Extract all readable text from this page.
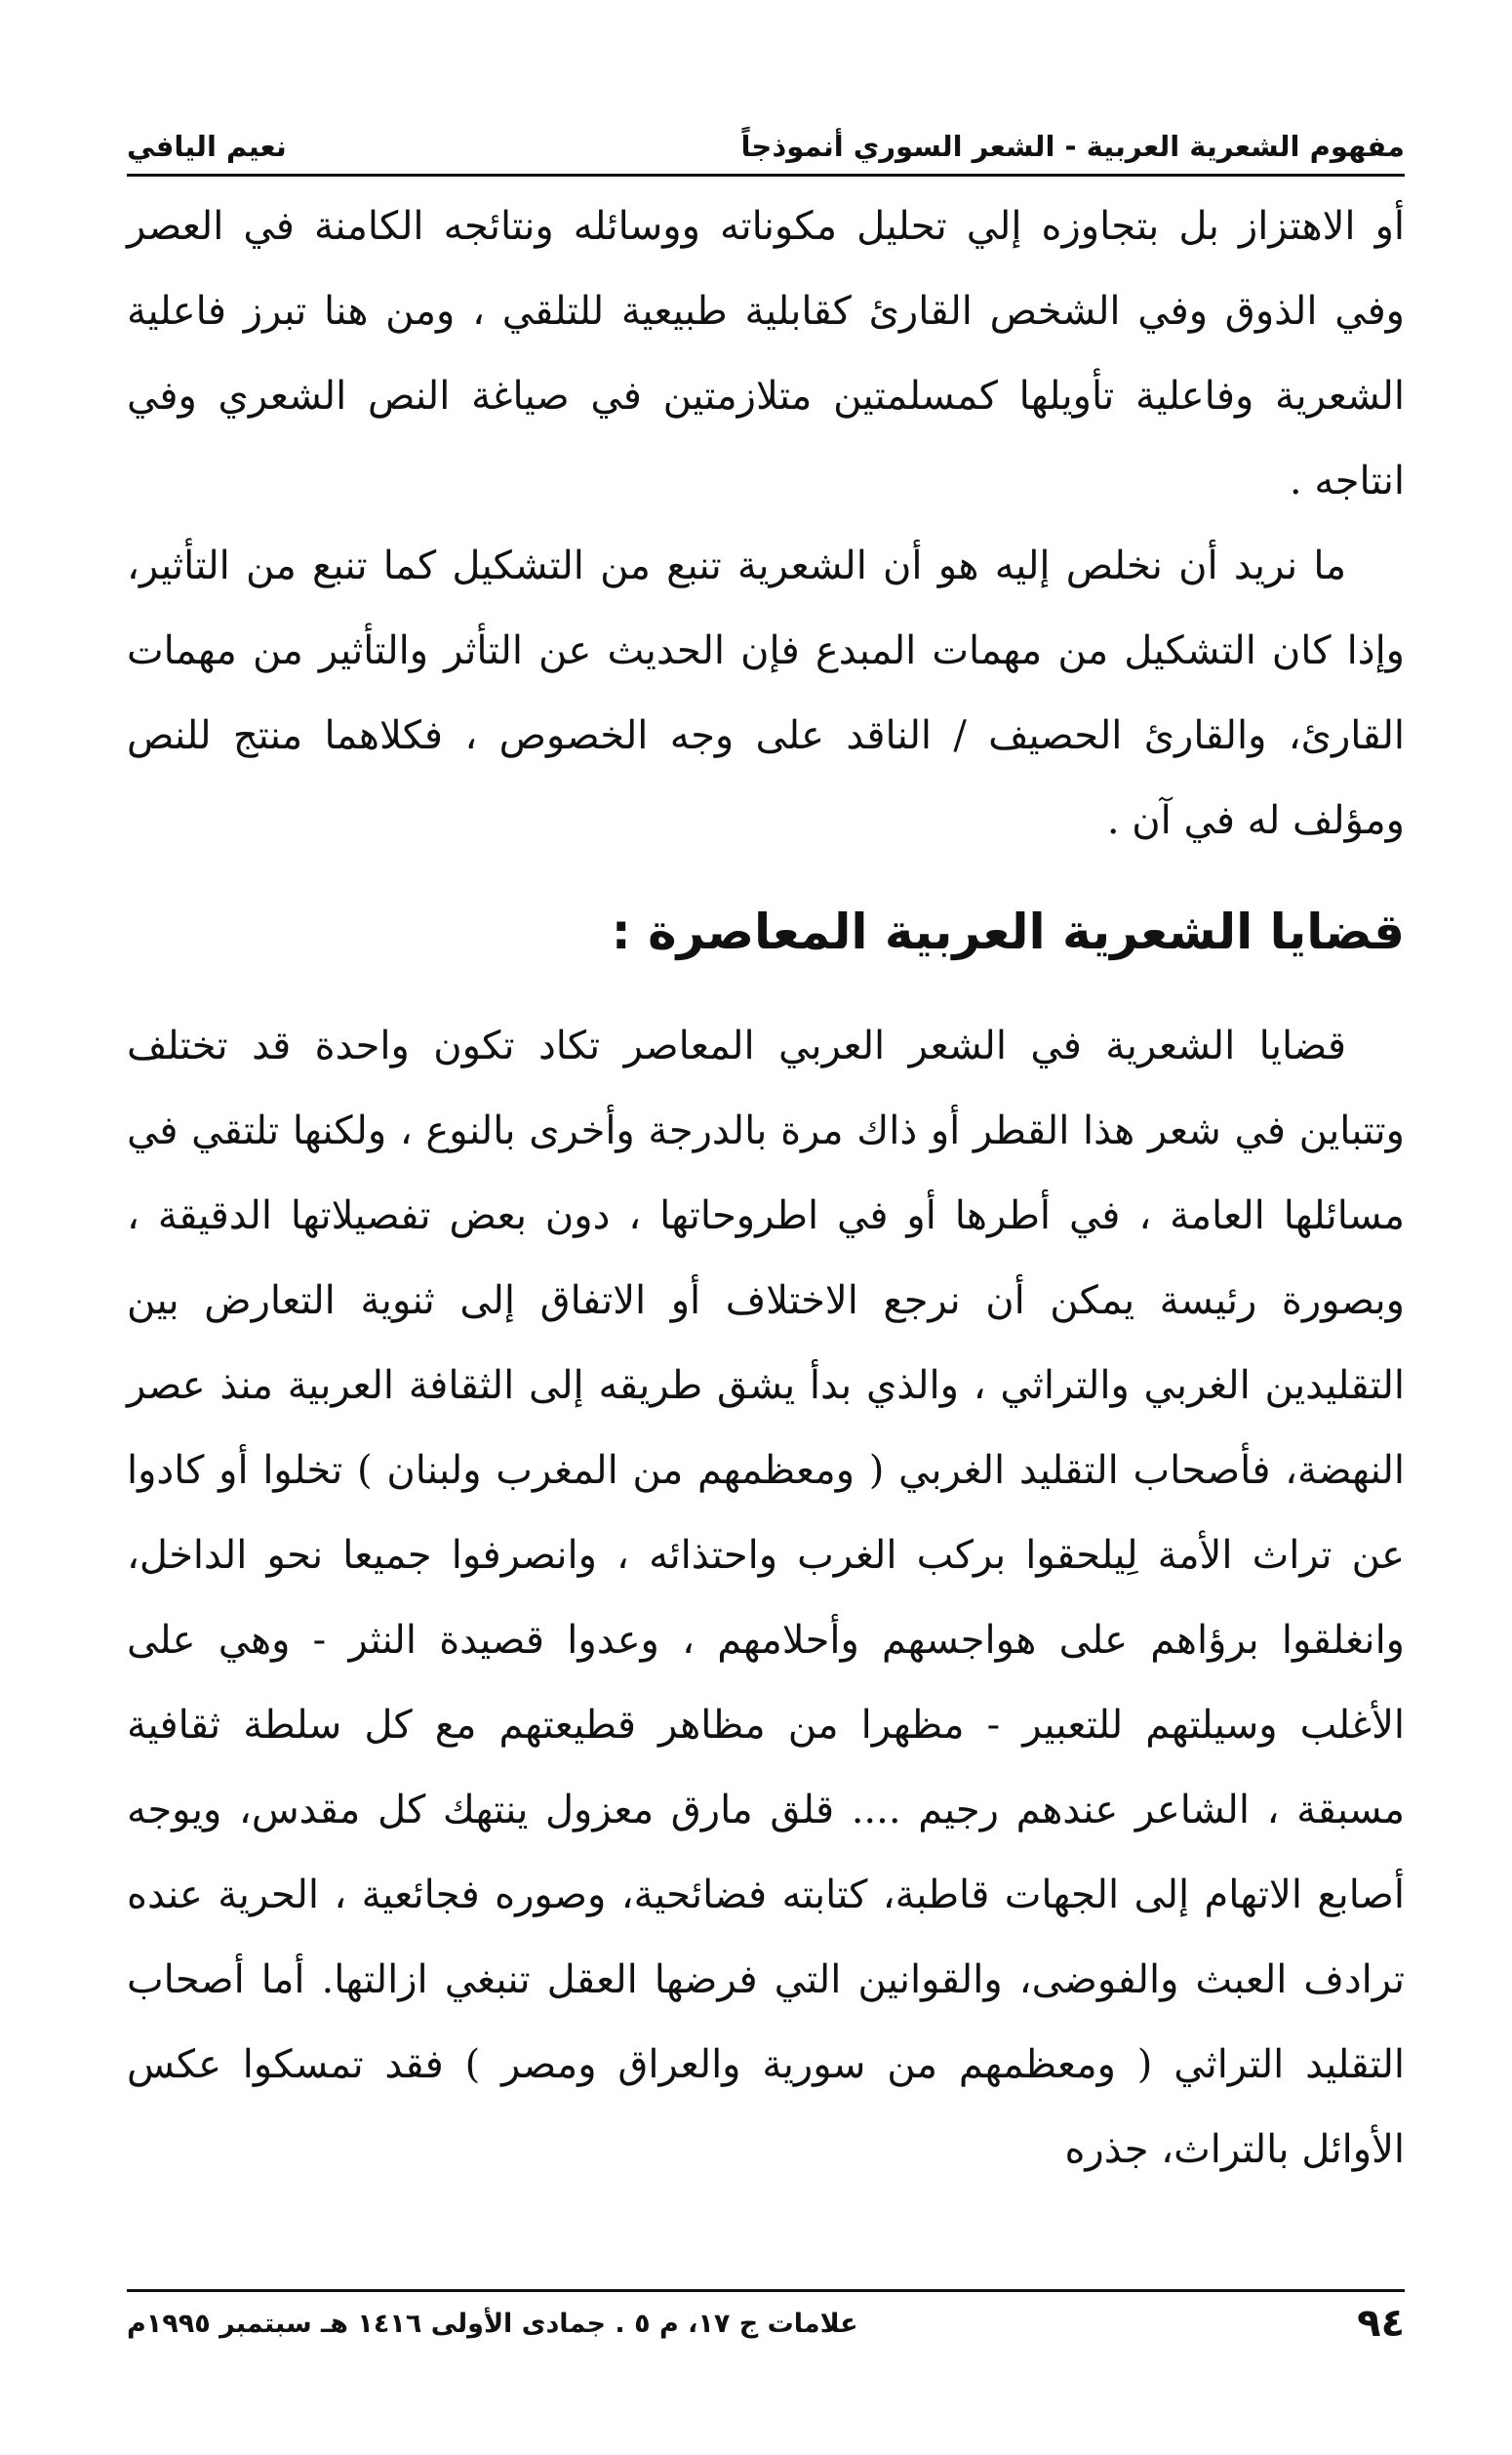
مفهوم الشعرية العربية - الشعر السوري أنموذجاً
نعيم اليافي

أو الاهتزاز بل بتجاوزه إلي تحليل مكوناته ووسائله ونتائجه الكامنة في العصر وفي الذوق وفي الشخص القارئ كقابلية طبيعية للتلقي ، ومن هنا تبرز فاعلية الشعرية وفاعلية تأويلها كمسلمتين متلازمتين في صياغة النص الشعري وفي انتاجه .

ما نريد أن نخلص إليه هو أن الشعرية تنبع من التشكيل كما تنبع من التأثير، وإذا كان التشكيل من مهمات المبدع فإن الحديث عن التأثر والتأثير من مهمات القارئ، والقارئ الحصيف / الناقد على وجه الخصوص ، فكلاهما منتج للنص ومؤلف له في آن .

قضايا الشعرية العربية المعاصرة :

قضايا الشعرية في الشعر العربي المعاصر تكاد تكون واحدة قد تختلف وتتباين في شعر هذا القطر أو ذاك مرة بالدرجة وأخرى بالنوع ، ولكنها تلتقي في مسائلها العامة ، في أطرها أو في اطروحاتها ، دون بعض تفصيلاتها الدقيقة ، وبصورة رئيسة يمكن أن نرجع الاختلاف أو الاتفاق إلى ثنوية التعارض بين التقليدين الغربي والتراثي ، والذي بدأ يشق طريقه إلى الثقافة العربية منذ عصر النهضة، فأصحاب التقليد الغربي ( ومعظمهم من المغرب ولبنان ) تخلوا أو كادوا عن تراث الأمة لِيلحقوا بركب الغرب واحتذائه ، وانصرفوا جميعا نحو الداخل، وانغلقوا برؤاهم على هواجسهم وأحلامهم ، وعدوا قصيدة النثر - وهي على الأغلب وسيلتهم للتعبير - مظهرا من مظاهر قطيعتهم مع كل سلطة ثقافية مسبقة ، الشاعر عندهم رجيم .... قلق مارق معزول ينتهك كل مقدس، ويوجه أصابع الاتهام إلى الجهات قاطبة، كتابته فضائحية، وصوره فجائعية ، الحرية عنده ترادف العبث والفوضى، والقوانين التي فرضها العقل تنبغي ازالتها. أما أصحاب التقليد التراثي ( ومعظمهم من سورية والعراق ومصر ) فقد تمسكوا عكس الأوائل بالتراث، جذره

٩٤
علامات ج ١٧، م ٥ . جمادى الأولى ١٤١٦ هـ سبتمبر ١٩٩٥م
